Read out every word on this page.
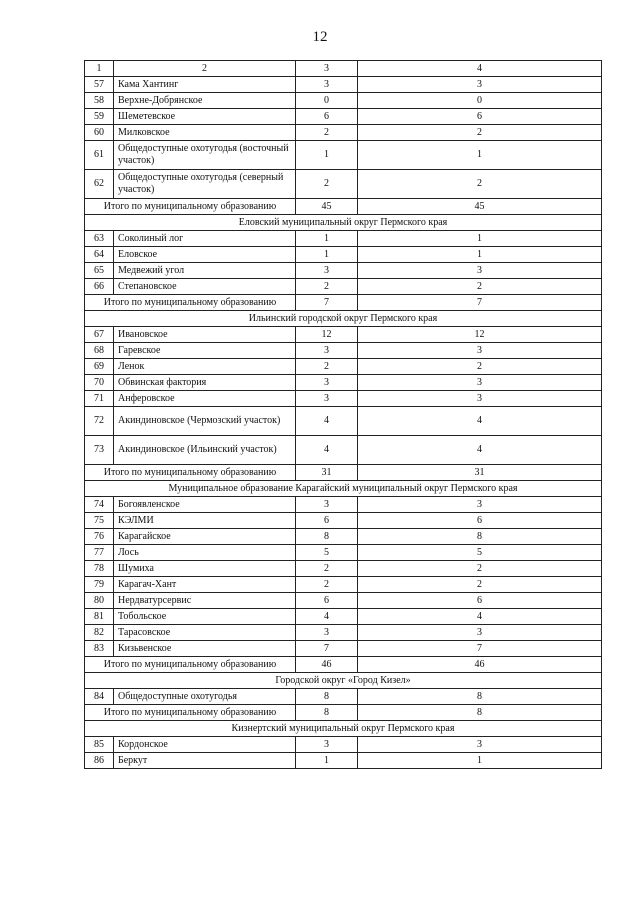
12
1	2	3	4
57	Кама Хантинг	3	3
58	Верхне-Добрянское	0	0
59	Шеметевское	6	6
60	Милковское	2	2
61	Общедоступные охотугодья (восточный участок)	1	1
62	Общедоступные охотугодья (северный участок)	2	2
Итого по муниципальному образованию		45	45
Еловский муниципальный округ Пермского края			
63	Соколиный лог	1	1
64	Еловское	1	1
65	Медвежий угол	3	3
66	Степановское	2	2
Итого по муниципальному образованию		7	7
Ильинский городской округ Пермского края			
67	Ивановское	12	12
68	Гаревское	3	3
69	Ленок	2	2
70	Обвинская фактория	3	3
71	Анферовское	3	3
72	Акиндиновское (Чермозский участок)	4	4
73	Акиндиновское (Ильинский участок)	4	4
Итого по муниципальному образованию		31	31
Муниципальное образование Карагайский муниципальный округ Пермского края			
74	Богоявленское	3	3
75	КЭЛМИ	6	6
76	Карагайское	8	8
77	Лось	5	5
78	Шумиха	2	2
79	Карагач-Хант	2	2
80	Нердватурсервис	6	6
81	Тобольское	4	4
82	Тарасовское	3	3
83	Кизьвенское	7	7
Итого по муниципальному образованию		46	46
Городской округ «Город Кизел»			
84	Общедоступные охотугодья	8	8
Итого по муниципальному образованию		8	8
Кизнертский муниципальный округ Пермского края			
85	Кордонское	3	3
86	Беркут	1	1
